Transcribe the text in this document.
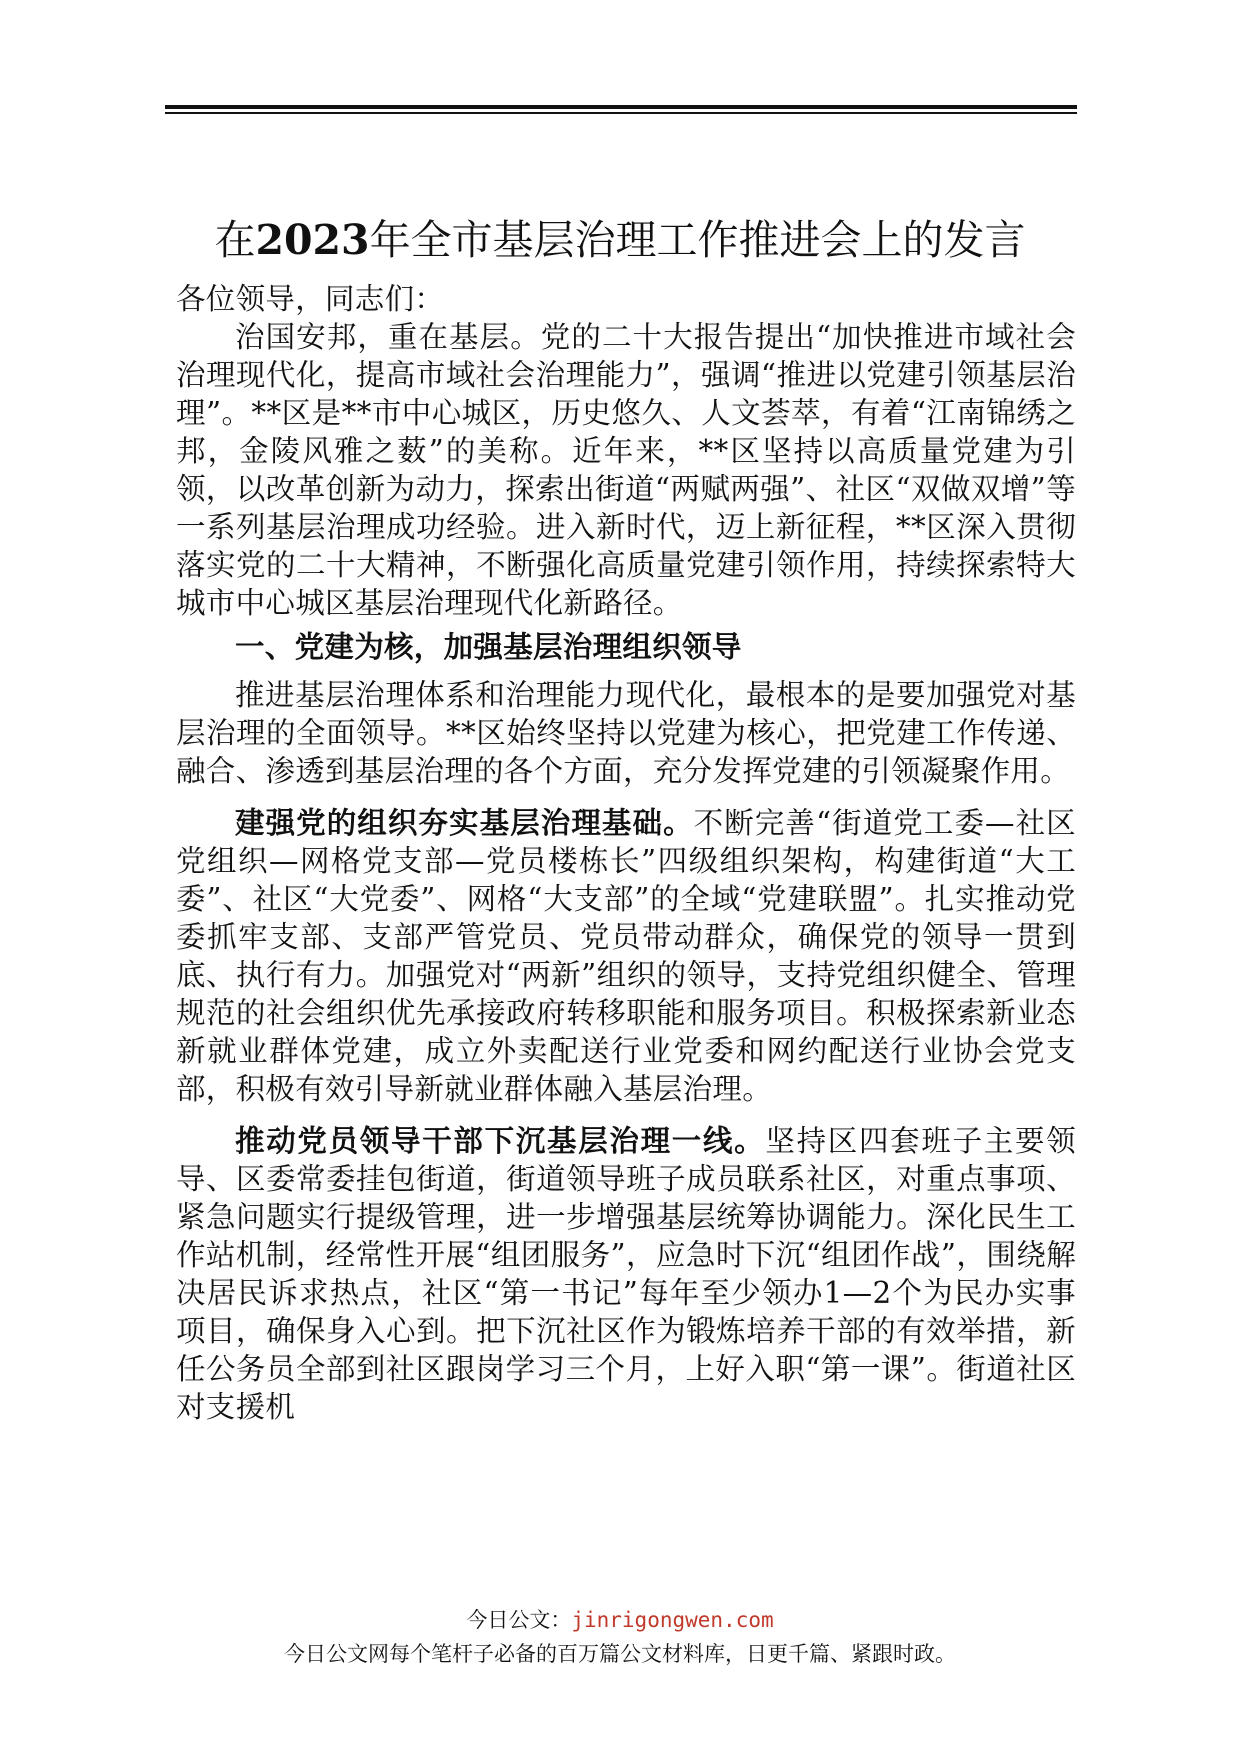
在2023年全市基层治理工作推进会上的发言

各位领导，同志们：

治国安邦，重在基层。党的二十大报告提出“加快推进市域社会治理现代化，提高市域社会治理能力”，强调“推进以党建引领基层治理”。**区是**市中心城区，历史悠久、人文荟萃，有着“江南锦绣之邦，金陵风雅之薮”的美称。近年来，**区坚持以高质量党建为引领，以改革创新为动力，探索出街道“两赋两强”、社区“双做双增”等一系列基层治理成功经验。进入新时代，迈上新征程，**区深入贯彻落实党的二十大精神，不断强化高质量党建引领作用，持续探索特大城市中心城区基层治理现代化新路径。

一、党建为核，加强基层治理组织领导

推进基层治理体系和治理能力现代化，最根本的是要加强党对基层治理的全面领导。**区始终坚持以党建为核心，把党建工作传递、融合、渗透到基层治理的各个方面，充分发挥党建的引领凝聚作用。

建强党的组织夯实基层治理基础。不断完善“街道党工委—社区党组织—网格党支部—党员楼栋长”四级组织架构，构建街道“大工委”、社区“大党委”、网格“大支部”的全域“党建联盟”。扎实推动党委抓牢支部、支部严管党员、党员带动群众，确保党的领导一贯到底、执行有力。加强党对“两新”组织的领导，支持党组织健全、管理规范的社会组织优先承接政府转移职能和服务项目。积极探索新业态新就业群体党建，成立外卖配送行业党委和网约配送行业协会党支部，积极有效引导新就业群体融入基层治理。

推动党员领导干部下沉基层治理一线。坚持区四套班子主要领导、区委常委挂包街道，街道领导班子成员联系社区，对重点事项、紧急问题实行提级管理，进一步增强基层统筹协调能力。深化民生工作站机制，经常性开展“组团服务”，应急时下沉“组团作战”，围绕解决居民诉求热点，社区“第一书记”每年至少领办1—2个为民办实事项目，确保身入心到。把下沉社区作为锻炼培养干部的有效举措，新任公务员全部到社区跟岗学习三个月，上好入职“第一课”。街道社区对支援机

今日公文：jinrigongwen.com
今日公文网每个笔杆子必备的百万篇公文材料库，日更千篇、紧跟时政。
